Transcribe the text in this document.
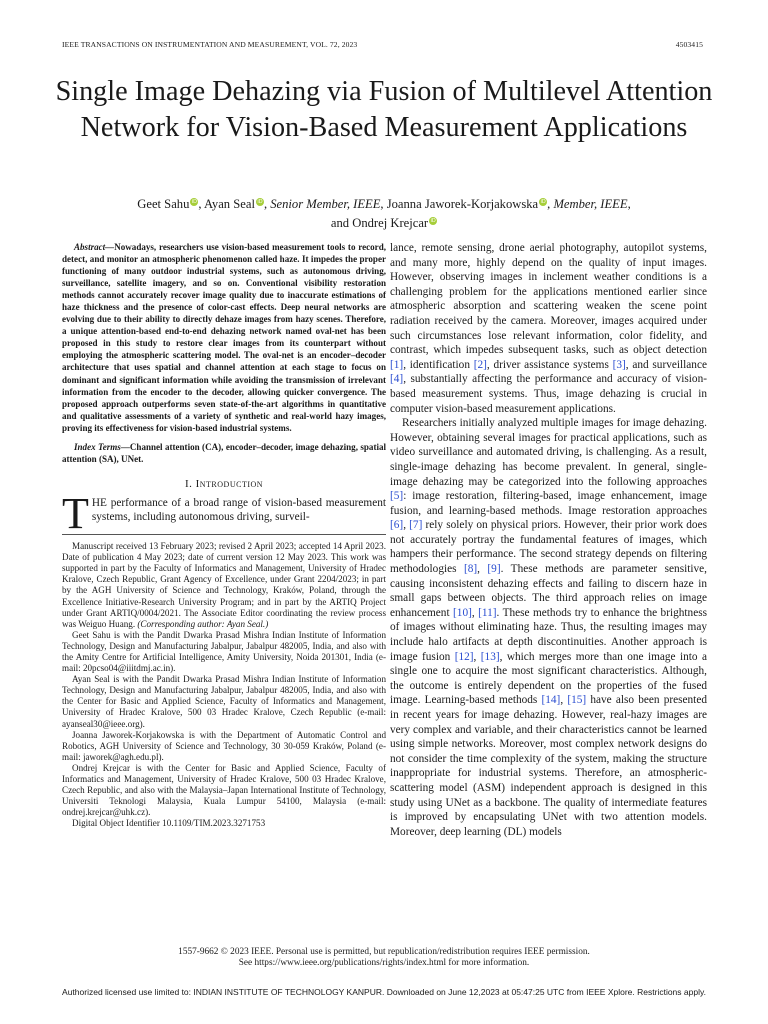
IEEE TRANSACTIONS ON INSTRUMENTATION AND MEASUREMENT, VOL. 72, 2023	4503415
Single Image Dehazing via Fusion of Multilevel Attention Network for Vision-Based Measurement Applications
Geet Sahu iD, Ayan Seal iD, Senior Member, IEEE, Joanna Jaworek-Korjakowska iD, Member, IEEE,
and Ondrej Krejcar iD

Abstract—Nowadays, researchers use vision-based measurement tools to record, detect, and monitor an atmospheric phenomenon called haze. It impedes the proper functioning of many outdoor industrial systems, such as autonomous driving, surveillance, satellite imagery, and so on. Conventional visibility restoration methods cannot accurately recover image quality due to inaccurate estimations of haze thickness and the presence of color-cast effects. Deep neural networks are evolving due to their ability to directly dehaze images from hazy scenes. Therefore, a unique attention-based end-to-end dehazing network named oval-net has been proposed in this study to restore clear images from its counterpart without employing the atmospheric scattering model. The oval-net is an encoder–decoder architecture that uses spatial and channel attention at each stage to focus on dominant and significant information while avoiding the transmission of irrelevant information from the encoder to the decoder, allowing quicker convergence. The proposed approach outperforms seven state-of-the-art algorithms in quantitative and qualitative assessments of a variety of synthetic and real-world hazy images, proving its effectiveness for vision-based industrial systems.

Index Terms—Channel attention (CA), encoder–decoder, image dehazing, spatial attention (SA), UNet.

I. Introduction

THE performance of a broad range of vision-based measurement systems, including autonomous driving, surveil-

Manuscript received 13 February 2023; revised 2 April 2023; accepted 14 April 2023. Date of publication 4 May 2023; date of current version 12 May 2023. This work was supported in part by the Faculty of Informatics and Management, University of Hradec Kralove, Czech Republic, Grant Agency of Excellence, under Grant 2204/2023; in part by the AGH University of Science and Technology, Kraków, Poland, through the Excellence Initiative-Research University Program; and in part by the ARTIQ Project under Grant ARTIQ/0004/2021. The Associate Editor coordinating the review process was Weiguo Huang. (Corresponding author: Ayan Seal.)

Geet Sahu is with the Pandit Dwarka Prasad Mishra Indian Institute of Information Technology, Design and Manufacturing Jabalpur, Jabalpur 482005, India, and also with the Amity Centre for Artificial Intelligence, Amity University, Noida 201301, India (e-mail: 20pcso04@iiitdmj.ac.in).

Ayan Seal is with the Pandit Dwarka Prasad Mishra Indian Institute of Information Technology, Design and Manufacturing Jabalpur, Jabalpur 482005, India, and also with the Center for Basic and Applied Science, Faculty of Informatics and Management, University of Hradec Kralove, 500 03 Hradec Kralove, Czech Republic (e-mail: ayanseal30@ieee.org).

Joanna Jaworek-Korjakowska is with the Department of Automatic Control and Robotics, AGH University of Science and Technology, 30 30-059 Kraków, Poland (e-mail: jaworek@agh.edu.pl).

Ondrej Krejcar is with the Center for Basic and Applied Science, Faculty of Informatics and Management, University of Hradec Kralove, 500 03 Hradec Kralove, Czech Republic, and also with the Malaysia–Japan International Institute of Technology, Universiti Teknologi Malaysia, Kuala Lumpur 54100, Malaysia (e-mail: ondrej.krejcar@uhk.cz).

Digital Object Identifier 10.1109/TIM.2023.3271753

lance, remote sensing, drone aerial photography, autopilot systems, and many more, highly depend on the quality of input images. However, observing images in inclement weather conditions is a challenging problem for the applications mentioned earlier since atmospheric absorption and scattering weaken the scene point radiation received by the camera. Moreover, images acquired under such circumstances lose relevant information, color fidelity, and contrast, which impedes subsequent tasks, such as object detection [1], identification [2], driver assistance systems [3], and surveillance [4], substantially affecting the performance and accuracy of vision-based measurement systems. Thus, image dehazing is crucial in computer vision-based measurement applications.

Researchers initially analyzed multiple images for image dehazing. However, obtaining several images for practical applications, such as video surveillance and automated driving, is challenging. As a result, single-image dehazing has become prevalent. In general, single-image dehazing may be categorized into the following approaches [5]: image restoration, filtering-based, image enhancement, image fusion, and learning-based methods. Image restoration approaches [6], [7] rely solely on physical priors. However, their prior work does not accurately portray the fundamental features of images, which hampers their performance. The second strategy depends on filtering methodologies [8], [9]. These methods are parameter sensitive, causing inconsistent dehazing effects and failing to discern haze in small gaps between objects. The third approach relies on image enhancement [10], [11]. These methods try to enhance the brightness of images without eliminating haze. Thus, the resulting images may include halo artifacts at depth discontinuities. Another approach is image fusion [12], [13], which merges more than one image into a single one to acquire the most significant characteristics. Although, the outcome is entirely dependent on the properties of the fused image. Learning-based methods [14], [15] have also been presented in recent years for image dehazing. However, real-hazy images are very complex and variable, and their characteristics cannot be learned using simple networks. Moreover, most complex network designs do not consider the time complexity of the system, making the structure inappropriate for industrial systems. Therefore, an atmospheric-scattering model (ASM) independent approach is designed in this study using UNet as a backbone. The quality of intermediate features is improved by encapsulating UNet with two attention models. Moreover, deep learning (DL) models

1557-9662 © 2023 IEEE. Personal use is permitted, but republication/redistribution requires IEEE permission.
See https://www.ieee.org/publications/rights/index.html for more information.
Authorized licensed use limited to: INDIAN INSTITUTE OF TECHNOLOGY KANPUR. Downloaded on June 12,2023 at 05:47:25 UTC from IEEE Xplore. Restrictions apply.
